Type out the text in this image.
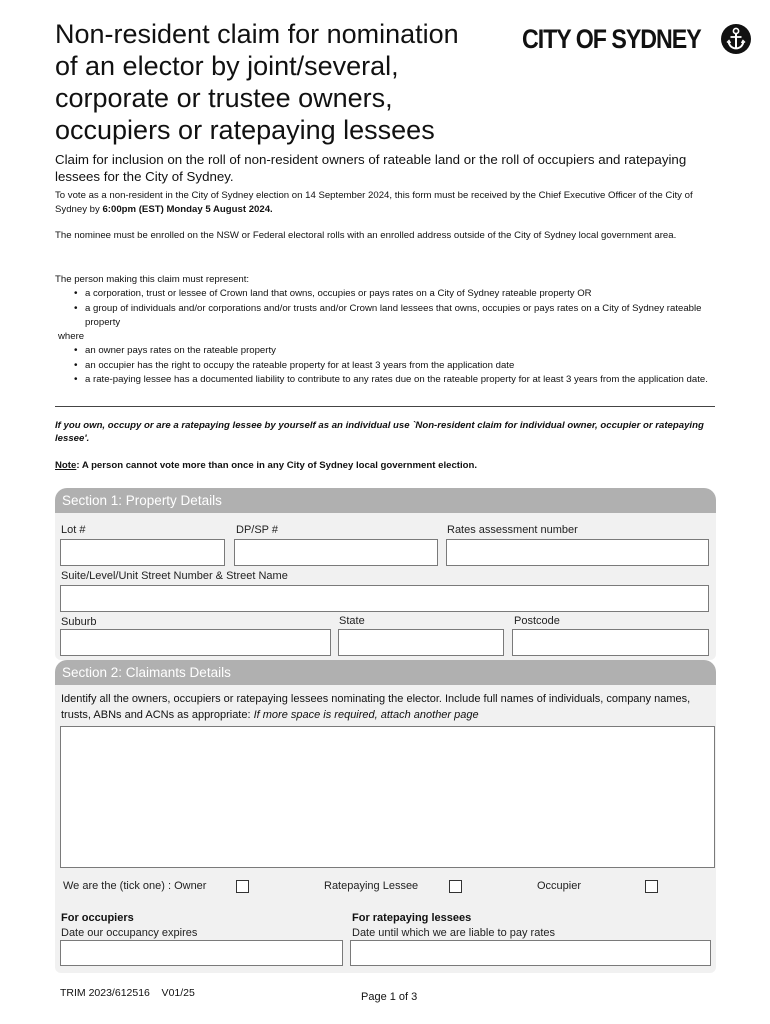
Non-resident claim for nomination
of an elector by joint/several,
corporate or trustee owners,
occupiers or ratepaying lessees
CITY OF SYDNEY
Claim for inclusion on the roll of non-resident owners of rateable land or the roll of occupiers and ratepaying lessees for the City of Sydney.
To vote as a non-resident in the City of Sydney election on 14 September 2024, this form must be received by the Chief Executive Officer of the City of Sydney by 6:00pm (EST) Monday 5 August 2024.
The nominee must be enrolled on the NSW or Federal electoral rolls with an enrolled address outside of the City of Sydney local government area.
The person making this claim must represent:
• a corporation, trust or lessee of Crown land that owns, occupies or pays rates on a City of Sydney rateable property OR
• a group of individuals and/or corporations and/or trusts and/or Crown land lessees that owns, occupies or pays rates on a City of Sydney rateable property
where
• an owner pays rates on the rateable property
• an occupier has the right to occupy the rateable property for at least 3 years from the application date
• a rate-paying lessee has a documented liability to contribute to any rates due on the rateable property for at least 3 years from the application date.
If you own, occupy or are a ratepaying lessee by yourself as an individual use `Non-resident claim for individual owner, occupier or ratepaying lessee'.
Note: A person cannot vote more than once in any City of Sydney local government election.
Section 1: Property Details
Lot #	DP/SP #	Rates assessment number
Suite/Level/Unit Street Number & Street Name
Suburb	State	Postcode
Section 2: Claimants Details
Identify all the owners, occupiers or ratepaying lessees nominating the elector. Include full names of individuals, company names, trusts, ABNs and ACNs as appropriate: If more space is required, attach another page
We are the (tick one) : Owner	Ratepaying Lessee	Occupier
For occupiers
Date our occupancy expires
For ratepaying lessees
Date until which we are liable to pay rates
TRIM 2023/612516    V01/25	Page 1 of 3
